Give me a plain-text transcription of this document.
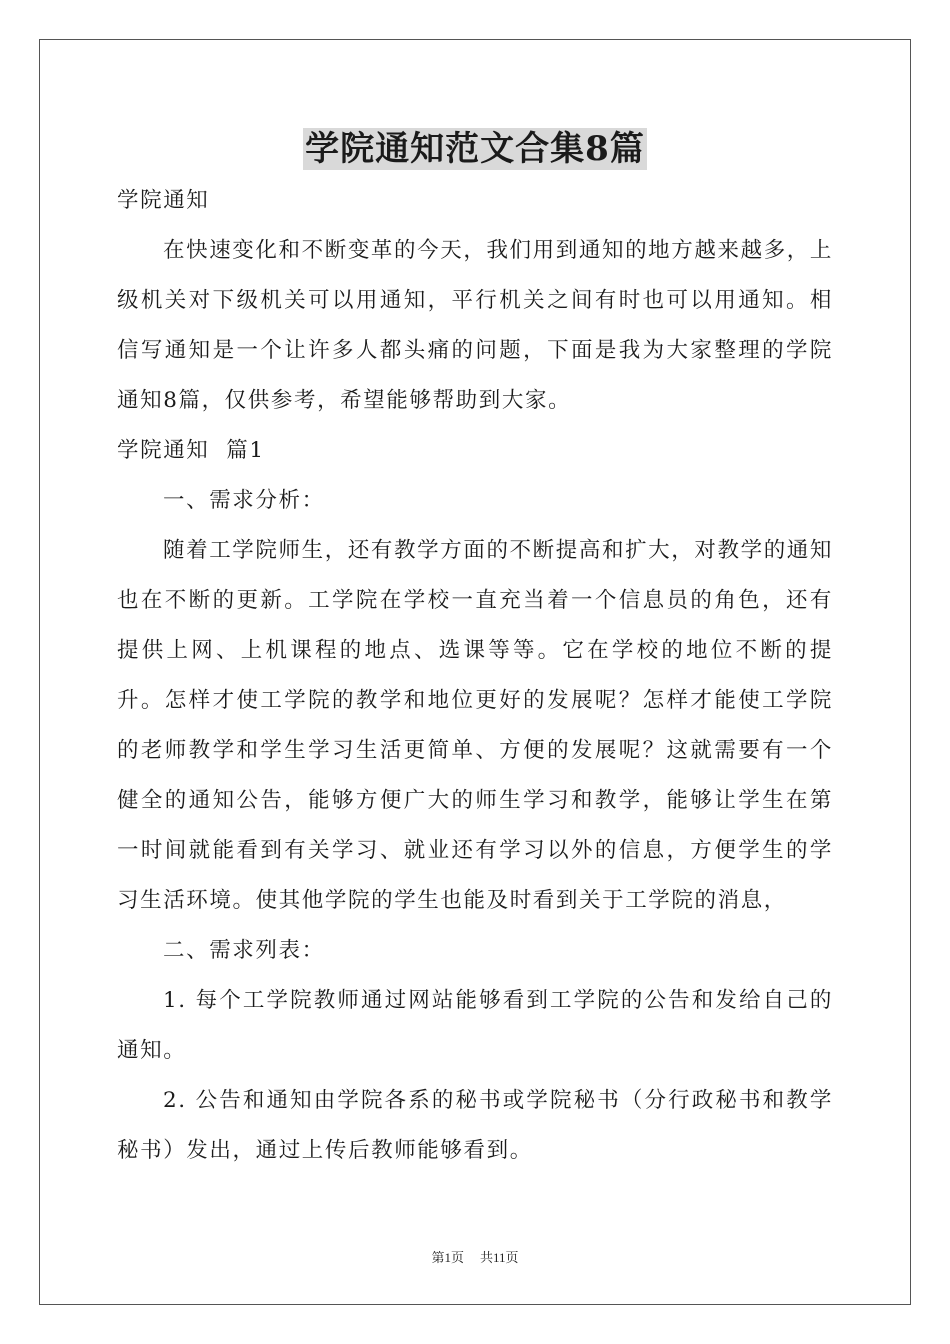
学院通知范文合集8篇

学院通知

在快速变化和不断变革的今天，我们用到通知的地方越来越多，上级机关对下级机关可以用通知，平行机关之间有时也可以用通知。相信写通知是一个让许多人都头痛的问题，下面是我为大家整理的学院通知8篇，仅供参考，希望能够帮助到大家。

学院通知  篇1

一、需求分析：

随着工学院师生，还有教学方面的不断提高和扩大，对教学的通知也在不断的更新。工学院在学校一直充当着一个信息员的角色，还有提供上网、上机课程的地点、选课等等。它在学校的地位不断的提升。怎样才使工学院的教学和地位更好的发展呢？怎样才能使工学院的老师教学和学生学习生活更简单、方便的发展呢？这就需要有一个健全的通知公告，能够方便广大的师生学习和教学，能够让学生在第一时间就能看到有关学习、就业还有学习以外的信息，方便学生的学习生活环境。使其他学院的学生也能及时看到关于工学院的消息，

二、需求列表：

1. 每个工学院教师通过网站能够看到工学院的公告和发给自己的通知。

2. 公告和通知由学院各系的秘书或学院秘书（分行政秘书和教学秘书）发出，通过上传后教师能够看到。

第1页 共11页
